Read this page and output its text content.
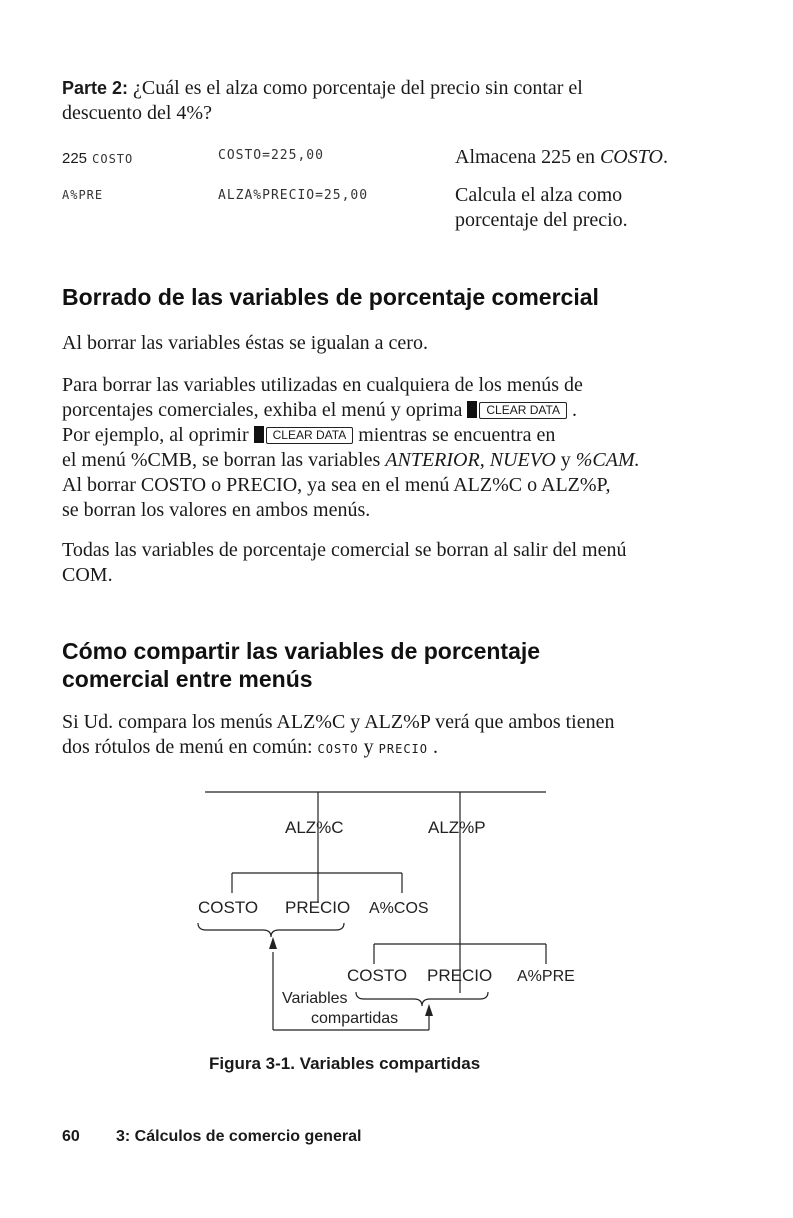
Parte 2: ¿Cuál es el alza como porcentaje del precio sin contar el
descuento del 4%?
225 COSTO	COSTO=225,00	Almacena 225 en COSTO.
A%PRE	ALZA%PRECIO=25,00	Calcula el alza como
porcentaje del precio.
Borrado de las variables de porcentaje comercial
Al borrar las variables éstas se igualan a cero.
Para borrar las variables utilizadas en cualquiera de los menús de
porcentajes comerciales, exhiba el menú y oprima CLEAR DATA .
Por ejemplo, al oprimir CLEAR DATA mientras se encuentra en
el menú %CMB, se borran las variables ANTERIOR, NUEVO y %CAM.
Al borrar COSTO o PRECIO, ya sea en el menú ALZ%C o ALZ%P,
se borran los valores en ambos menús.
Todas las variables de porcentaje comercial se borran al salir del menú
COM.
Cómo compartir las variables de porcentaje
comercial entre menús
Si Ud. compara los menús ALZ%C y ALZ%P verá que ambos tienen
dos rótulos de menú en común: COSTO y PRECIO .
ALZ%C	ALZ%P
COSTO PRECIO A%COS
COSTO PRECIO A%PRE
Variables
compartidas
Figura 3-1. Variables compartidas
60 3: Cálculos de comercio general
